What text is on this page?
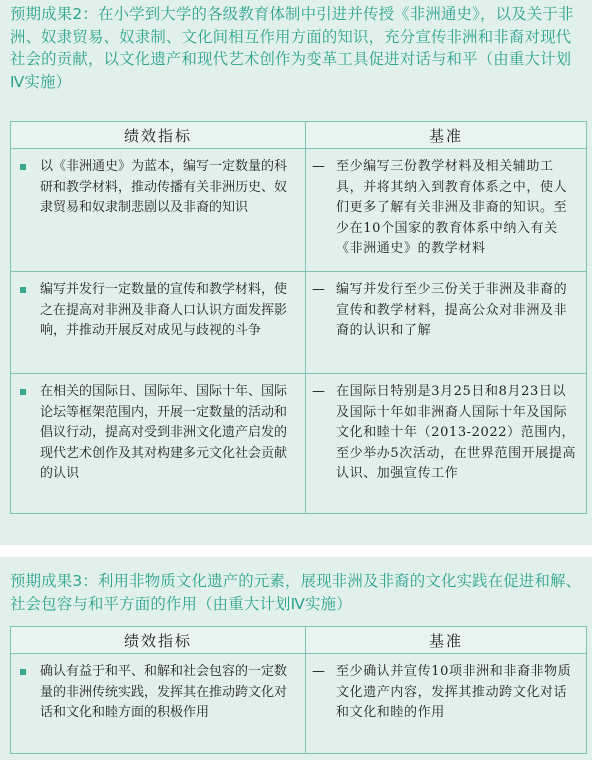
预期成果2：在小学到大学的各级教育体制中引进并传授《非洲通史》，以及关于非洲、奴隶贸易、奴隶制、文化间相互作用方面的知识，充分宣传非洲和非裔对现代社会的贡献，以文化遗产和现代艺术创作为变革工具促进对话与和平（由重大计划Ⅳ实施）

绩效指标	基准

以《非洲通史》为蓝本，编写一定数量的科研和教学材料，推动传播有关非洲历史、奴隶贸易和奴隶制悲剧以及非裔的知识	— 至少编写三份教学材料及相关辅助工具，并将其纳入到教育体系之中，使人们更多了解有关非洲及非裔的知识。至少在10个国家的教育体系中纳入有关《非洲通史》的教学材料

编写并发行一定数量的宣传和教学材料，使之在提高对非洲及非裔人口认识方面发挥影响，并推动开展反对成见与歧视的斗争	— 编写并发行至少三份关于非洲及非裔的宣传和教学材料，提高公众对非洲及非裔的认识和了解

在相关的国际日、国际年、国际十年、国际论坛等框架范围内，开展一定数量的活动和倡议行动，提高对受到非洲文化遗产启发的现代艺术创作及其对构建多元文化社会贡献的认识	— 在国际日特别是3月25日和8月23日以及国际十年如非洲裔人国际十年及国际文化和睦十年（2013-2022）范围内，至少举办5次活动，在世界范围开展提高认识、加强宣传工作

预期成果3：利用非物质文化遗产的元素，展现非洲及非裔的文化实践在促进和解、社会包容与和平方面的作用（由重大计划Ⅳ实施）

绩效指标	基准

确认有益于和平、和解和社会包容的一定数量的非洲传统实践，发挥其在推动跨文化对话和文化和睦方面的积极作用	— 至少确认并宣传10项非洲和非裔非物质文化遗产内容，发挥其推动跨文化对话和文化和睦的作用
